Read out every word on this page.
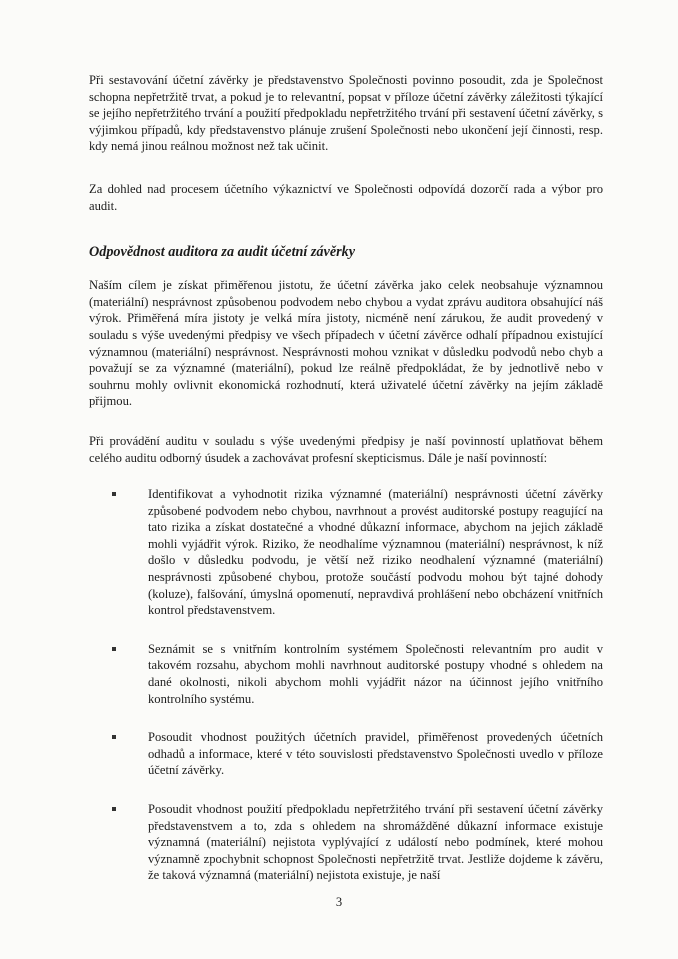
Při sestavování účetní závěrky je představenstvo Společnosti povinno posoudit, zda je Společnost schopna nepřetržitě trvat, a pokud je to relevantní, popsat v příloze účetní závěrky záležitosti týkající se jejího nepřetržitého trvání a použití předpokladu nepřetržitého trvání při sestavení účetní závěrky, s výjimkou případů, kdy představenstvo plánuje zrušení Společnosti nebo ukončení její činnosti, resp. kdy nemá jinou reálnou možnost než tak učinit.

Za dohled nad procesem účetního výkaznictví ve Společnosti odpovídá dozorčí rada a výbor pro audit.

Odpovědnost auditora za audit účetní závěrky

Naším cílem je získat přiměřenou jistotu, že účetní závěrka jako celek neobsahuje významnou (materiální) nesprávnost způsobenou podvodem nebo chybou a vydat zprávu auditora obsahující náš výrok. Přiměřená míra jistoty je velká míra jistoty, nicméně není zárukou, že audit provedený v souladu s výše uvedenými předpisy ve všech případech v účetní závěrce odhalí případnou existující významnou (materiální) nesprávnost. Nesprávnosti mohou vznikat v důsledku podvodů nebo chyb a považují se za významné (materiální), pokud lze reálně předpokládat, že by jednotlivě nebo v souhrnu mohly ovlivnit ekonomická rozhodnutí, která uživatelé účetní závěrky na jejím základě přijmou.

Při provádění auditu v souladu s výše uvedenými předpisy je naší povinností uplatňovat během celého auditu odborný úsudek a zachovávat profesní skepticismus. Dále je naší povinností:

Identifikovat a vyhodnotit rizika významné (materiální) nesprávnosti účetní závěrky způsobené podvodem nebo chybou, navrhnout a provést auditorské postupy reagující na tato rizika a získat dostatečné a vhodné důkazní informace, abychom na jejich základě mohli vyjádřit výrok. Riziko, že neodhalíme významnou (materiální) nesprávnost, k níž došlo v důsledku podvodu, je větší než riziko neodhalení významné (materiální) nesprávnosti způsobené chybou, protože součástí podvodu mohou být tajné dohody (koluze), falšování, úmyslná opomenutí, nepravdivá prohlášení nebo obcházení vnitřních kontrol představenstvem.
Seznámit se s vnitřním kontrolním systémem Společnosti relevantním pro audit v takovém rozsahu, abychom mohli navrhnout auditorské postupy vhodné s ohledem na dané okolnosti, nikoli abychom mohli vyjádřit názor na účinnost jejího vnitřního kontrolního systému.
Posoudit vhodnost použitých účetních pravidel, přiměřenost provedených účetních odhadů a informace, které v této souvislosti představenstvo Společnosti uvedlo v příloze účetní závěrky.
Posoudit vhodnost použití předpokladu nepřetržitého trvání při sestavení účetní závěrky představenstvem a to, zda s ohledem na shromážděné důkazní informace existuje významná (materiální) nejistota vyplývající z událostí nebo podmínek, které mohou významně zpochybnit schopnost Společnosti nepřetržitě trvat. Jestliže dojdeme k závěru, že taková významná (materiální) nejistota existuje, je naší
3
